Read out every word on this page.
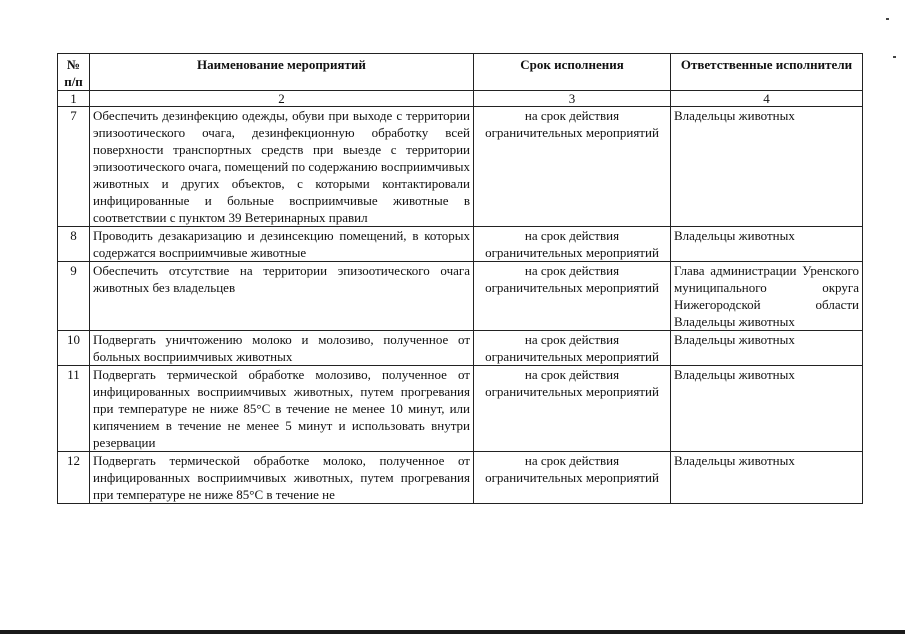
№ п/п	Наименование мероприятий	Срок исполнения	Ответственные исполнители
1	2	3	4
7	Обеспечить дезинфекцию одежды, обуви при выходе с территории эпизоотического очага, дезинфекционную обработку всей поверхности транспортных средств при выезде с территории эпизоотического очага, помещений по содержанию восприимчивых животных и других объектов, с которыми контактировали инфицированные и больные восприимчивые животные в соответствии с пунктом 39 Ветеринарных правил	на срок действия ограничительных мероприятий	Владельцы животных
8	Проводить дезакаризацию и дезинсекцию помещений, в которых содержатся восприимчивые животные	на срок действия ограничительных мероприятий	Владельцы животных
9	Обеспечить отсутствие на территории эпизоотического очага животных без владельцев	на срок действия ограничительных мероприятий	Глава администрации Уренского муниципального округа Нижегородской области Владельцы животных
10	Подвергать уничтожению молоко и молозиво, полученное от больных восприимчивых животных	на срок действия ограничительных мероприятий	Владельцы животных
11	Подвергать термической обработке молозиво, полученное от инфицированных восприимчивых животных, путем прогревания при температуре не ниже 85°С в течение не менее 10 минут, или кипячением в течение не менее 5 минут и использовать внутри резервации	на срок действия ограничительных мероприятий	Владельцы животных
12	Подвергать термической обработке молоко, полученное от инфицированных восприимчивых животных, путем прогревания при температуре не ниже 85°С в течение не	на срок действия ограничительных мероприятий	Владельцы животных
